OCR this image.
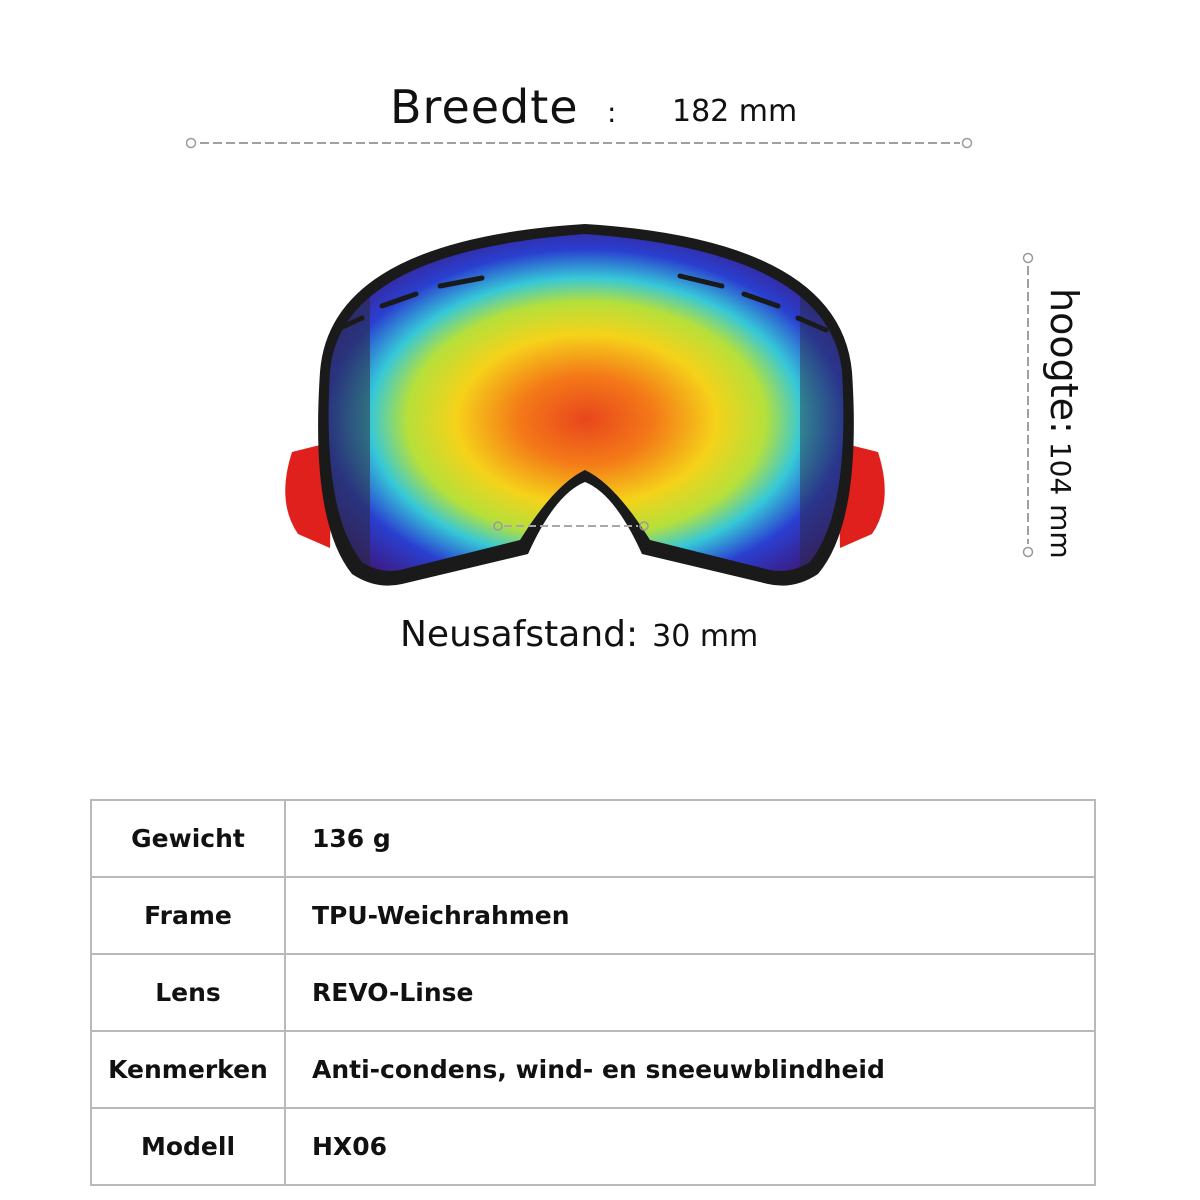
Breedte : 182 mm
hoogte:104 mm
Neusafstand: 30 mm
Gewicht	136 g
Frame	TPU-Weichrahmen
Lens	REVO-Linse
Kenmerken	Anti-condens, wind- en sneeuwblindheid
Modell	HX06
